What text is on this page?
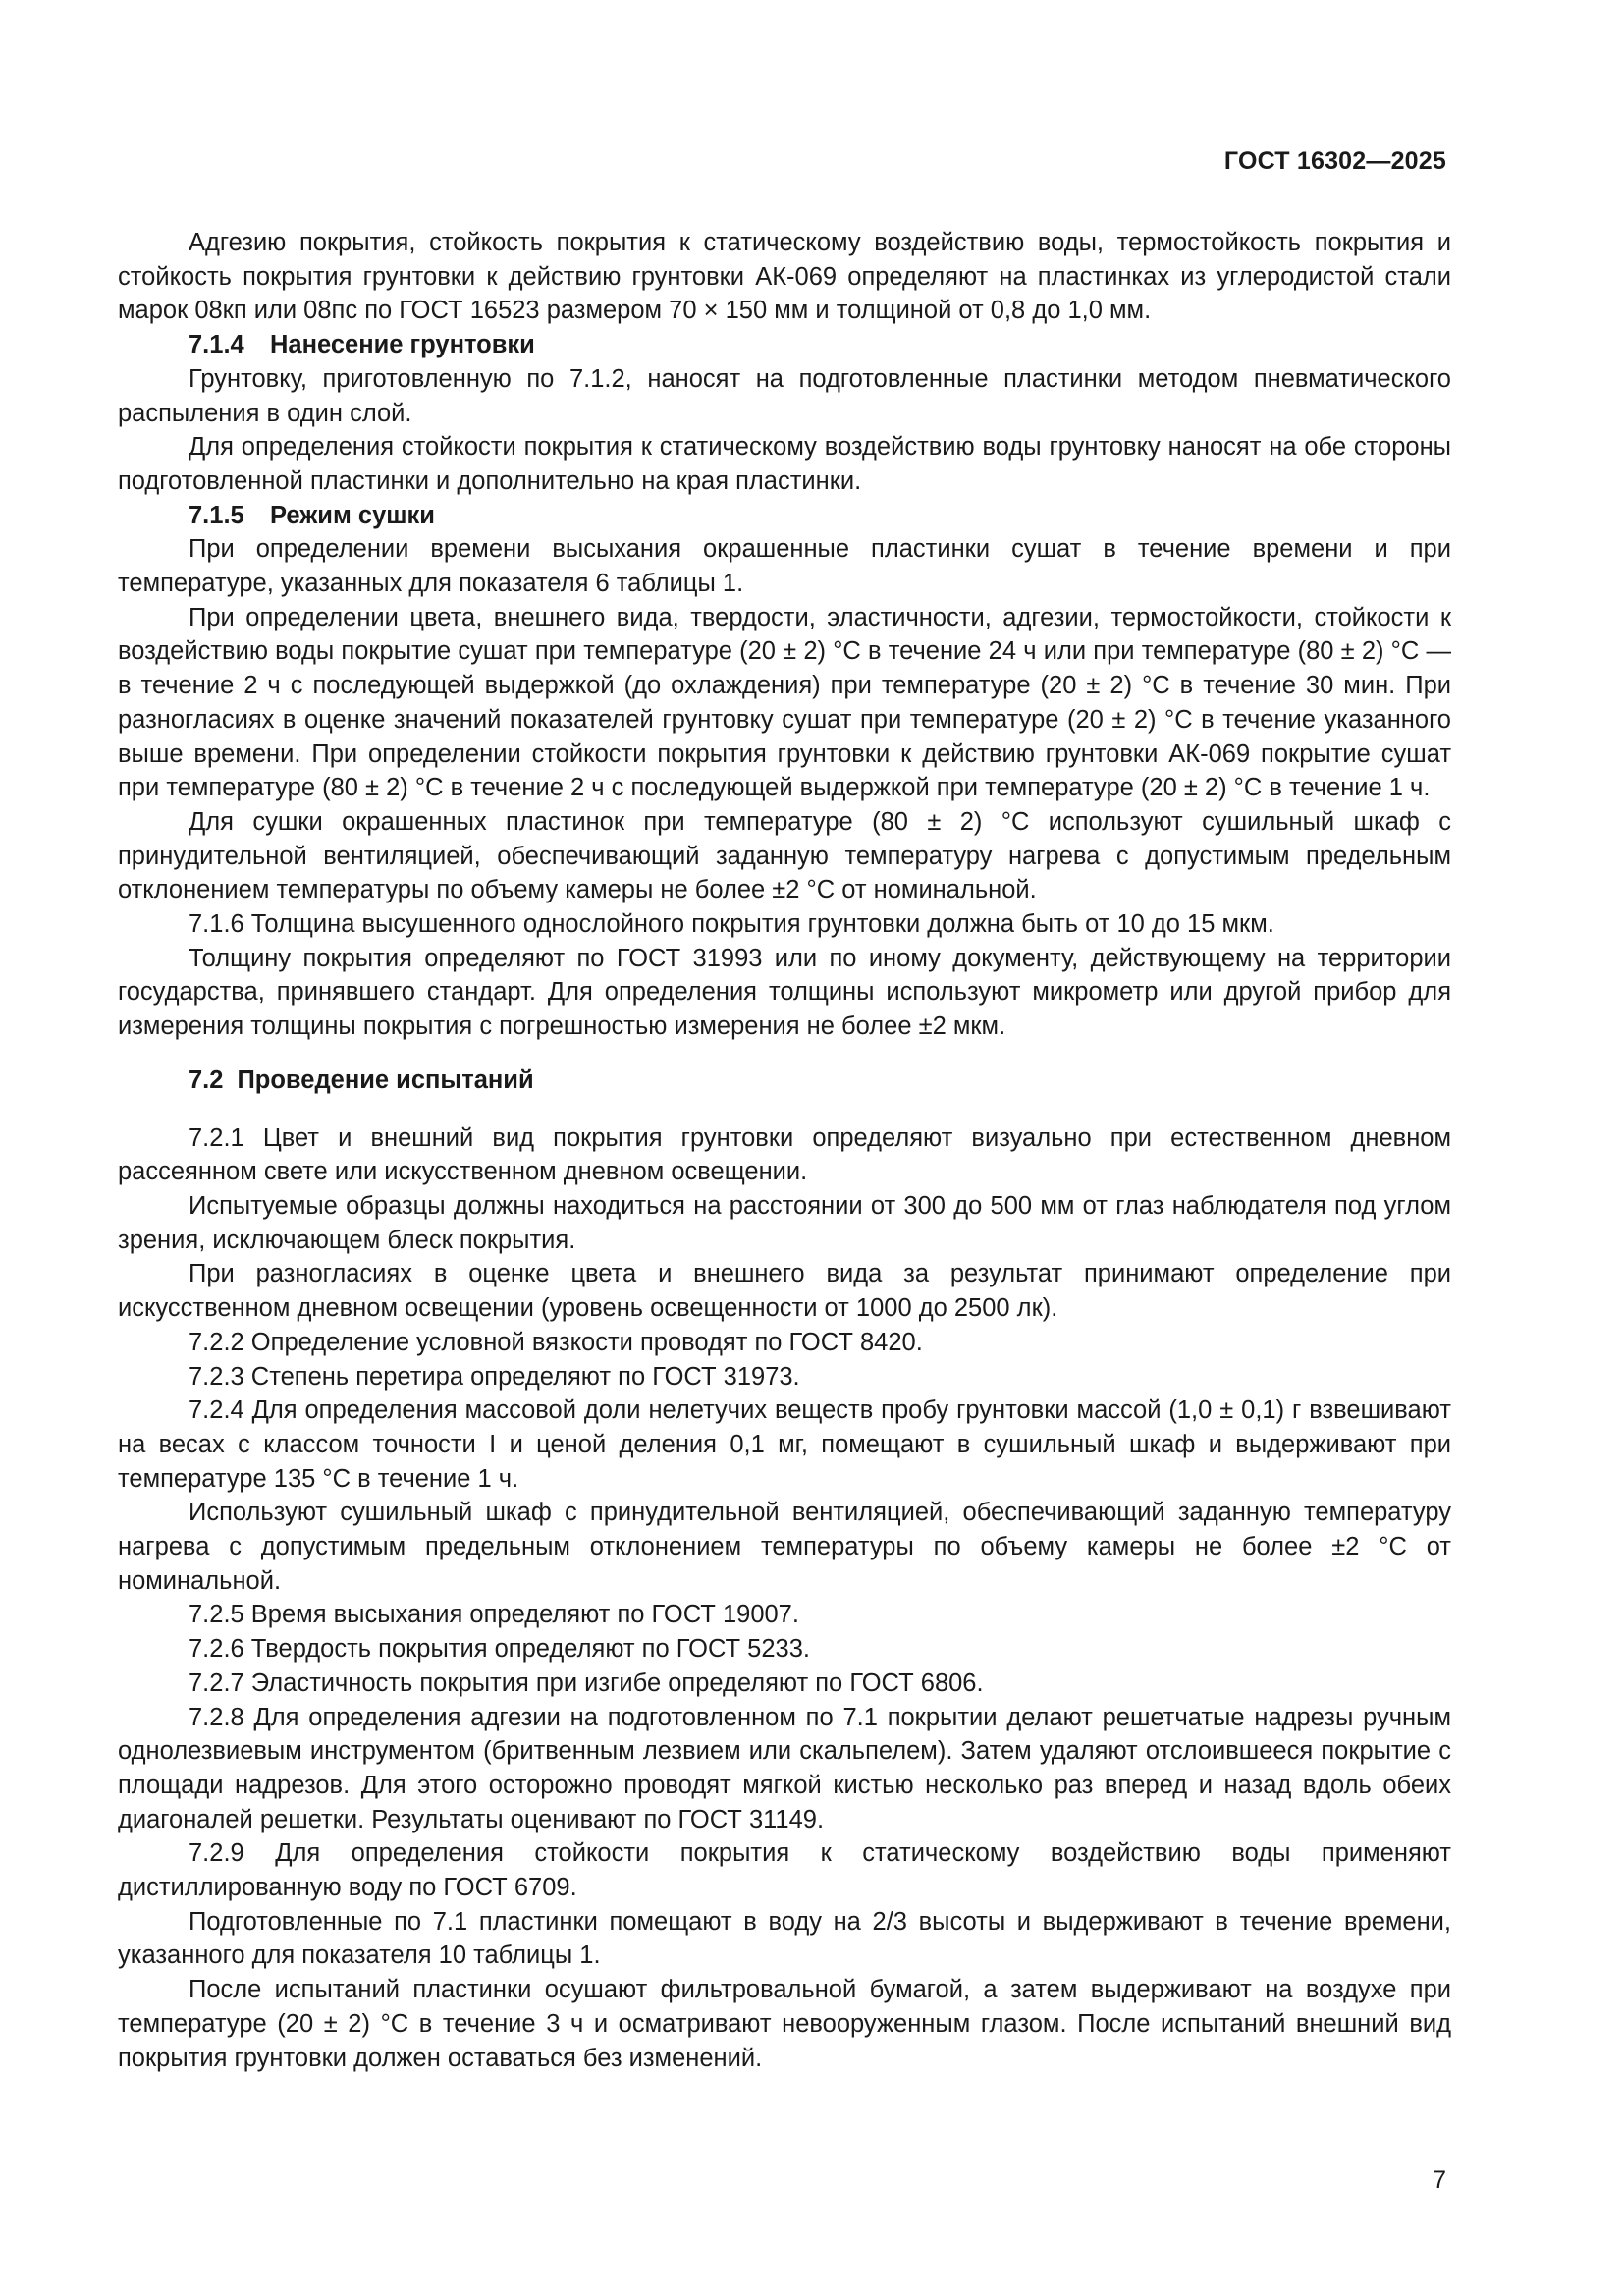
ГОСТ 16302—2025

Адгезию покрытия, стойкость покрытия к статическому воздействию воды, термостойкость покрытия и стойкость покрытия грунтовки к действию грунтовки АК-069 определяют на пластинках из углеродистой стали марок 08кп или 08пс по ГОСТ 16523 размером 70 × 150 мм и толщиной от 0,8 до 1,0 мм.

7.1.4 Нанесение грунтовки

Грунтовку, приготовленную по 7.1.2, наносят на подготовленные пластинки методом пневматического распыления в один слой.

Для определения стойкости покрытия к статическому воздействию воды грунтовку наносят на обе стороны подготовленной пластинки и дополнительно на края пластинки.

7.1.5 Режим сушки

При определении времени высыхания окрашенные пластинки сушат в течение времени и при температуре, указанных для показателя 6 таблицы 1.

При определении цвета, внешнего вида, твердости, эластичности, адгезии, термостойкости, стойкости к воздействию воды покрытие сушат при температуре (20 ± 2) °С в течение 24 ч или при температуре (80 ± 2) °С — в течение 2 ч с последующей выдержкой (до охлаждения) при температуре (20 ± 2) °С в течение 30 мин. При разногласиях в оценке значений показателей грунтовку сушат при температуре (20 ± 2) °С в течение указанного выше времени. При определении стойкости покрытия грунтовки к действию грунтовки АК-069 покрытие сушат при температуре (80 ± 2) °С в течение 2 ч с последующей выдержкой при температуре (20 ± 2) °С в течение 1 ч.

Для сушки окрашенных пластинок при температуре (80 ± 2) °С используют сушильный шкаф с принудительной вентиляцией, обеспечивающий заданную температуру нагрева с допустимым предельным отклонением температуры по объему камеры не более ±2 °С от номинальной.

7.1.6 Толщина высушенного однослойного покрытия грунтовки должна быть от 10 до 15 мкм.

Толщину покрытия определяют по ГОСТ 31993 или по иному документу, действующему на территории государства, принявшего стандарт. Для определения толщины используют микрометр или другой прибор для измерения толщины покрытия с погрешностью измерения не более ±2 мкм.

7.2 Проведение испытаний

7.2.1 Цвет и внешний вид покрытия грунтовки определяют визуально при естественном дневном рассеянном свете или искусственном дневном освещении.

Испытуемые образцы должны находиться на расстоянии от 300 до 500 мм от глаз наблюдателя под углом зрения, исключающем блеск покрытия.

При разногласиях в оценке цвета и внешнего вида за результат принимают определение при искусственном дневном освещении (уровень освещенности от 1000 до 2500 лк).

7.2.2 Определение условной вязкости проводят по ГОСТ 8420.

7.2.3 Степень перетира определяют по ГОСТ 31973.

7.2.4 Для определения массовой доли нелетучих веществ пробу грунтовки массой (1,0 ± 0,1) г взвешивают на весах с классом точности I и ценой деления 0,1 мг, помещают в сушильный шкаф и выдерживают при температуре 135 °С в течение 1 ч.

Используют сушильный шкаф с принудительной вентиляцией, обеспечивающий заданную температуру нагрева с допустимым предельным отклонением температуры по объему камеры не более ±2 °С от номинальной.

7.2.5 Время высыхания определяют по ГОСТ 19007.

7.2.6 Твердость покрытия определяют по ГОСТ 5233.

7.2.7 Эластичность покрытия при изгибе определяют по ГОСТ 6806.

7.2.8 Для определения адгезии на подготовленном по 7.1 покрытии делают решетчатые надрезы ручным однолезвиевым инструментом (бритвенным лезвием или скальпелем). Затем удаляют отслоившееся покрытие с площади надрезов. Для этого осторожно проводят мягкой кистью несколько раз вперед и назад вдоль обеих диагоналей решетки. Результаты оценивают по ГОСТ 31149.

7.2.9 Для определения стойкости покрытия к статическому воздействию воды применяют дистиллированную воду по ГОСТ 6709.

Подготовленные по 7.1 пластинки помещают в воду на 2/3 высоты и выдерживают в течение времени, указанного для показателя 10 таблицы 1.

После испытаний пластинки осушают фильтровальной бумагой, а затем выдерживают на воздухе при температуре (20 ± 2) °С в течение 3 ч и осматривают невооруженным глазом. После испытаний внешний вид покрытия грунтовки должен оставаться без изменений.

7
